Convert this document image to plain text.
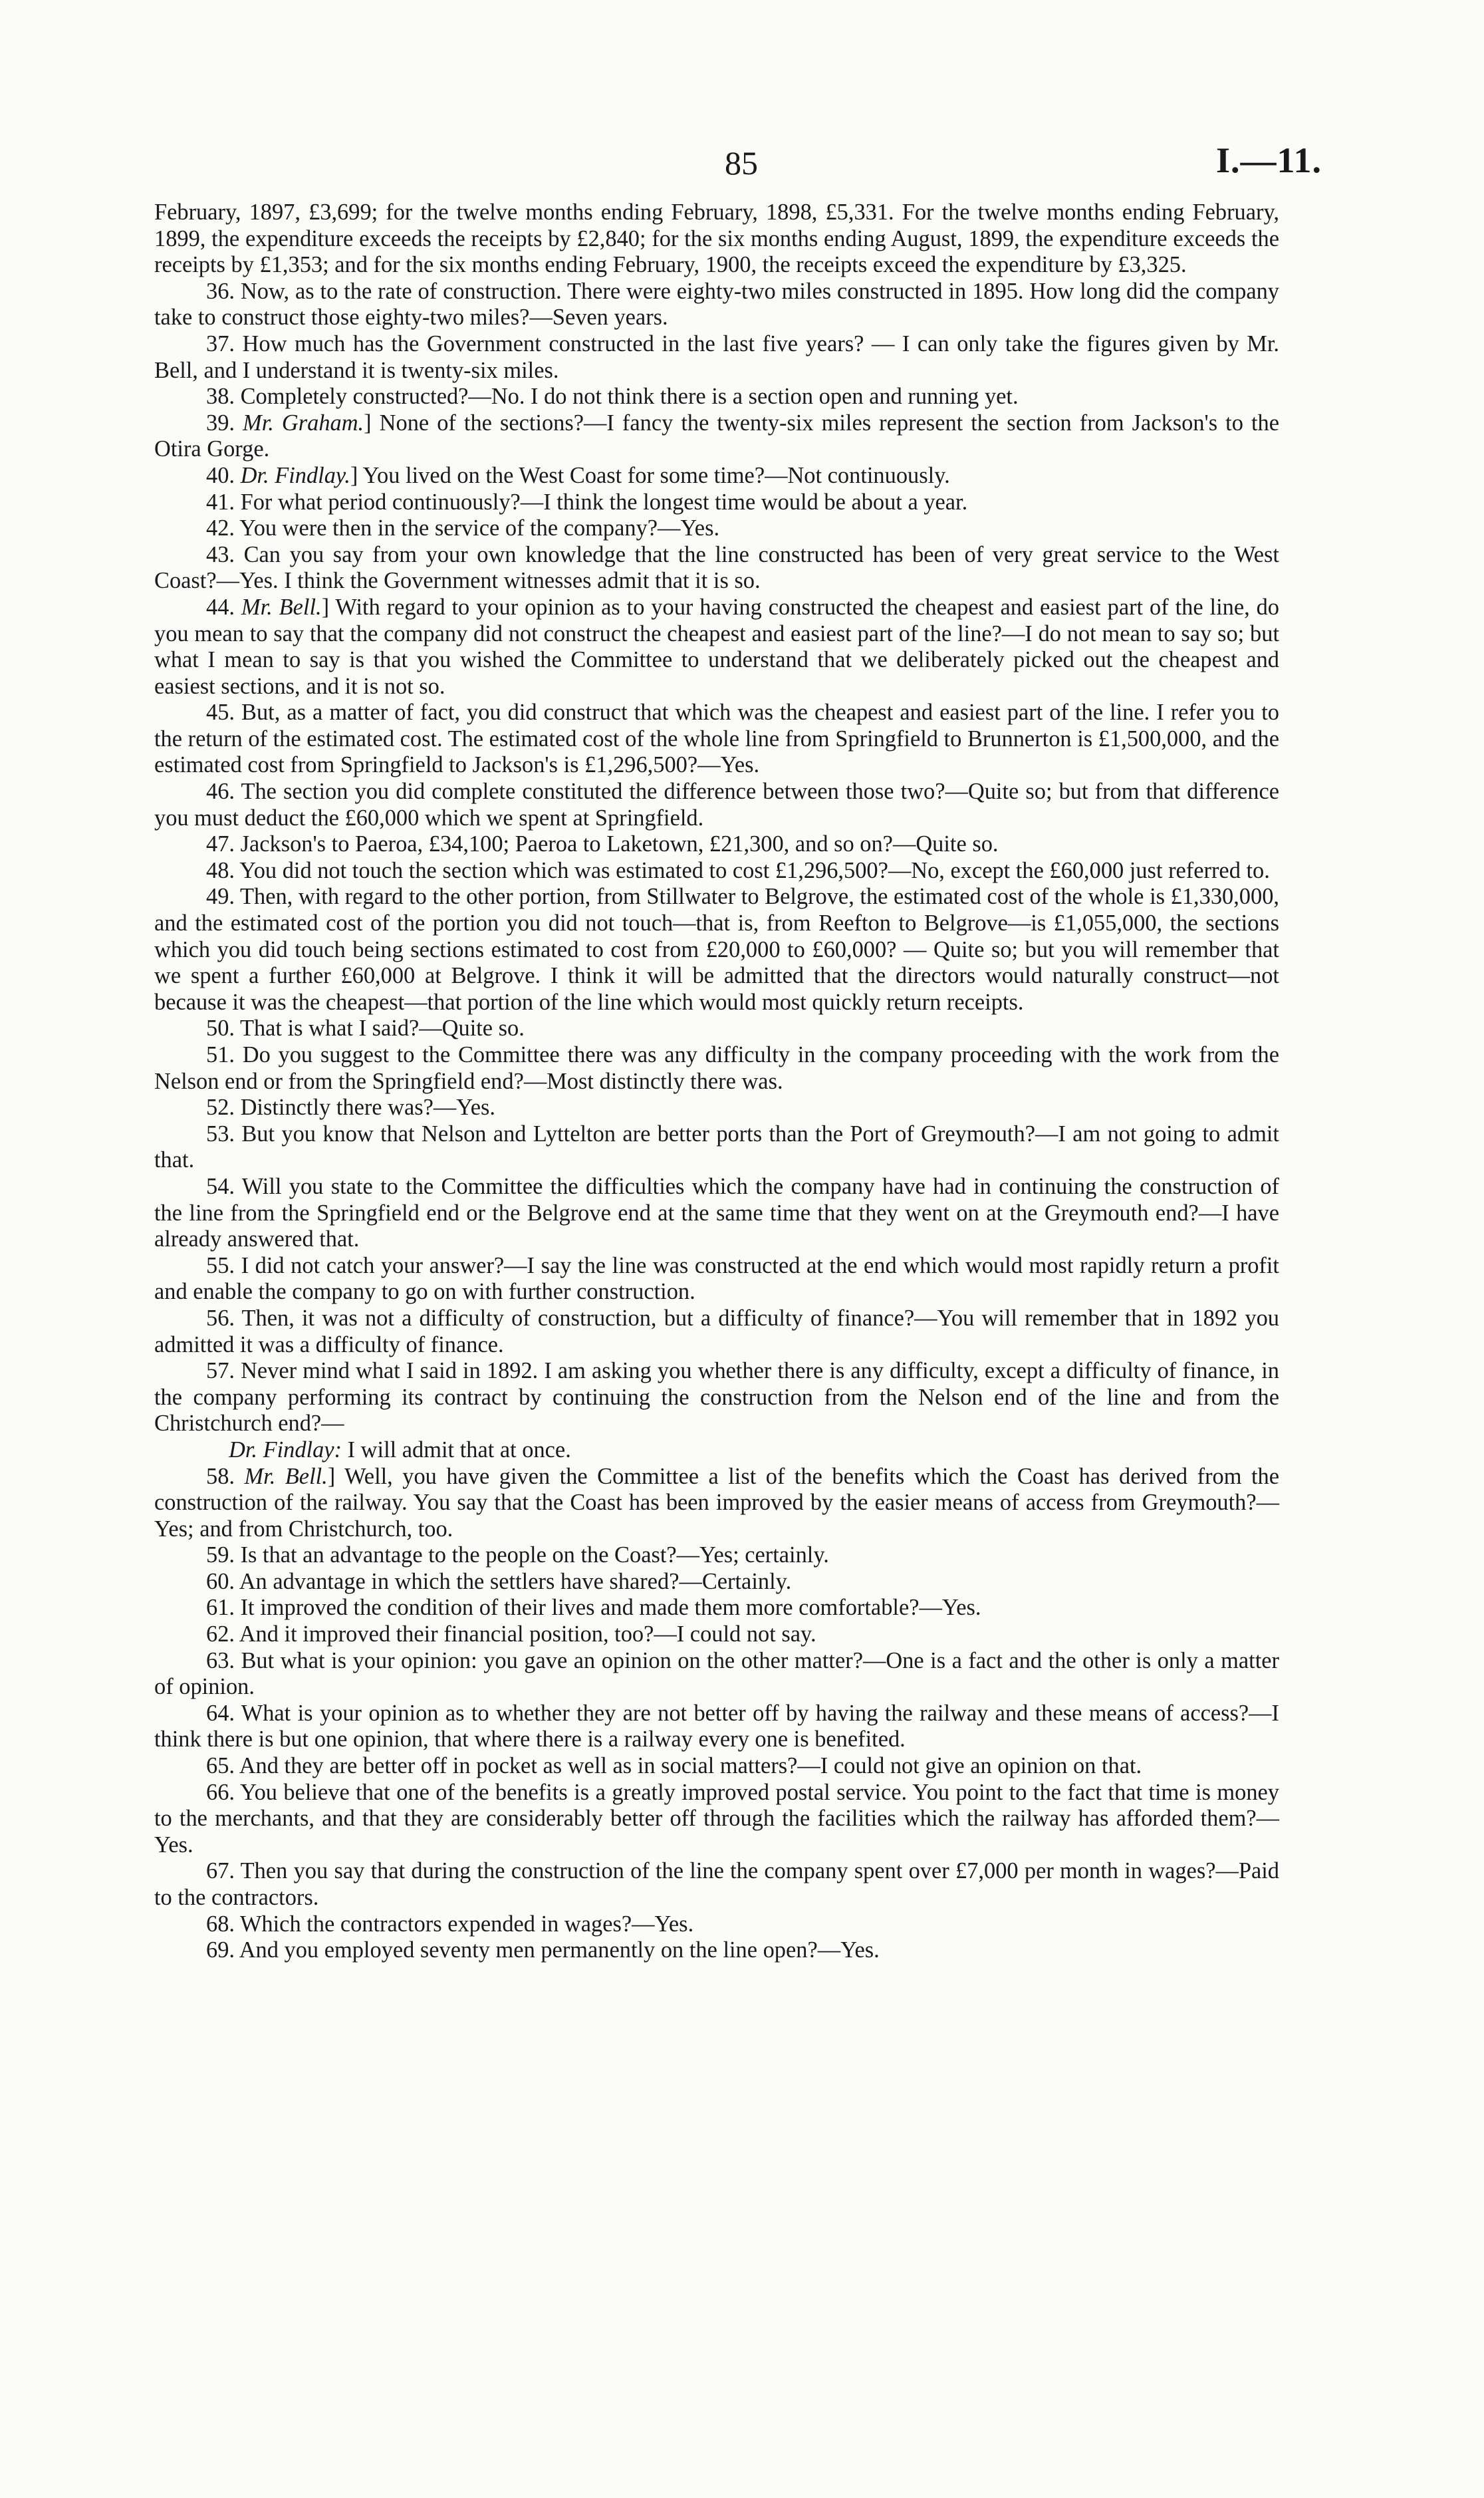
85	I.—11.

February, 1897, £3,699; for the twelve months ending February, 1898, £5,331. For the twelve months ending February, 1899, the expenditure exceeds the receipts by £2,840; for the six months ending August, 1899, the expenditure exceeds the receipts by £1,353; and for the six months ending February, 1900, the receipts exceed the expenditure by £3,325.

36. Now, as to the rate of construction. There were eighty-two miles constructed in 1895. How long did the company take to construct those eighty-two miles?—Seven years.

37. How much has the Government constructed in the last five years? — I can only take the figures given by Mr. Bell, and I understand it is twenty-six miles.

38. Completely constructed?—No. I do not think there is a section open and running yet.

39. Mr. Graham.] None of the sections?—I fancy the twenty-six miles represent the section from Jackson's to the Otira Gorge.

40. Dr. Findlay.] You lived on the West Coast for some time?—Not continuously.

41. For what period continuously?—I think the longest time would be about a year.

42. You were then in the service of the company?—Yes.

43. Can you say from your own knowledge that the line constructed has been of very great service to the West Coast?—Yes. I think the Government witnesses admit that it is so.

44. Mr. Bell.] With regard to your opinion as to your having constructed the cheapest and easiest part of the line, do you mean to say that the company did not construct the cheapest and easiest part of the line?—I do not mean to say so; but what I mean to say is that you wished the Committee to understand that we deliberately picked out the cheapest and easiest sections, and it is not so.

45. But, as a matter of fact, you did construct that which was the cheapest and easiest part of the line. I refer you to the return of the estimated cost. The estimated cost of the whole line from Springfield to Brunnerton is £1,500,000, and the estimated cost from Springfield to Jackson's is £1,296,500?—Yes.

46. The section you did complete constituted the difference between those two?—Quite so; but from that difference you must deduct the £60,000 which we spent at Springfield.

47. Jackson's to Paeroa, £34,100; Paeroa to Laketown, £21,300, and so on?—Quite so.

48. You did not touch the section which was estimated to cost £1,296,500?—No, except the £60,000 just referred to.

49. Then, with regard to the other portion, from Stillwater to Belgrove, the estimated cost of the whole is £1,330,000, and the estimated cost of the portion you did not touch—that is, from Reefton to Belgrove—is £1,055,000, the sections which you did touch being sections estimated to cost from £20,000 to £60,000? — Quite so; but you will remember that we spent a further £60,000 at Belgrove. I think it will be admitted that the directors would naturally construct—not because it was the cheapest—that portion of the line which would most quickly return receipts.

50. That is what I said?—Quite so.

51. Do you suggest to the Committee there was any difficulty in the company proceeding with the work from the Nelson end or from the Springfield end?—Most distinctly there was.

52. Distinctly there was?—Yes.

53. But you know that Nelson and Lyttelton are better ports than the Port of Greymouth?—I am not going to admit that.

54. Will you state to the Committee the difficulties which the company have had in continuing the construction of the line from the Springfield end or the Belgrove end at the same time that they went on at the Greymouth end?—I have already answered that.

55. I did not catch your answer?—I say the line was constructed at the end which would most rapidly return a profit and enable the company to go on with further construction.

56. Then, it was not a difficulty of construction, but a difficulty of finance?—You will remember that in 1892 you admitted it was a difficulty of finance.

57. Never mind what I said in 1892. I am asking you whether there is any difficulty, except a difficulty of finance, in the company performing its contract by continuing the construction from the Nelson end of the line and from the Christchurch end?—

Dr. Findlay: I will admit that at once.

58. Mr. Bell.] Well, you have given the Committee a list of the benefits which the Coast has derived from the construction of the railway. You say that the Coast has been improved by the easier means of access from Greymouth?—Yes; and from Christchurch, too.

59. Is that an advantage to the people on the Coast?—Yes; certainly.

60. An advantage in which the settlers have shared?—Certainly.

61. It improved the condition of their lives and made them more comfortable?—Yes.

62. And it improved their financial position, too?—I could not say.

63. But what is your opinion: you gave an opinion on the other matter?—One is a fact and the other is only a matter of opinion.

64. What is your opinion as to whether they are not better off by having the railway and these means of access?—I think there is but one opinion, that where there is a railway every one is benefited.

65. And they are better off in pocket as well as in social matters?—I could not give an opinion on that.

66. You believe that one of the benefits is a greatly improved postal service. You point to the fact that time is money to the merchants, and that they are considerably better off through the facilities which the railway has afforded them?—Yes.

67. Then you say that during the construction of the line the company spent over £7,000 per month in wages?—Paid to the contractors.

68. Which the contractors expended in wages?—Yes.

69. And you employed seventy men permanently on the line open?—Yes.
